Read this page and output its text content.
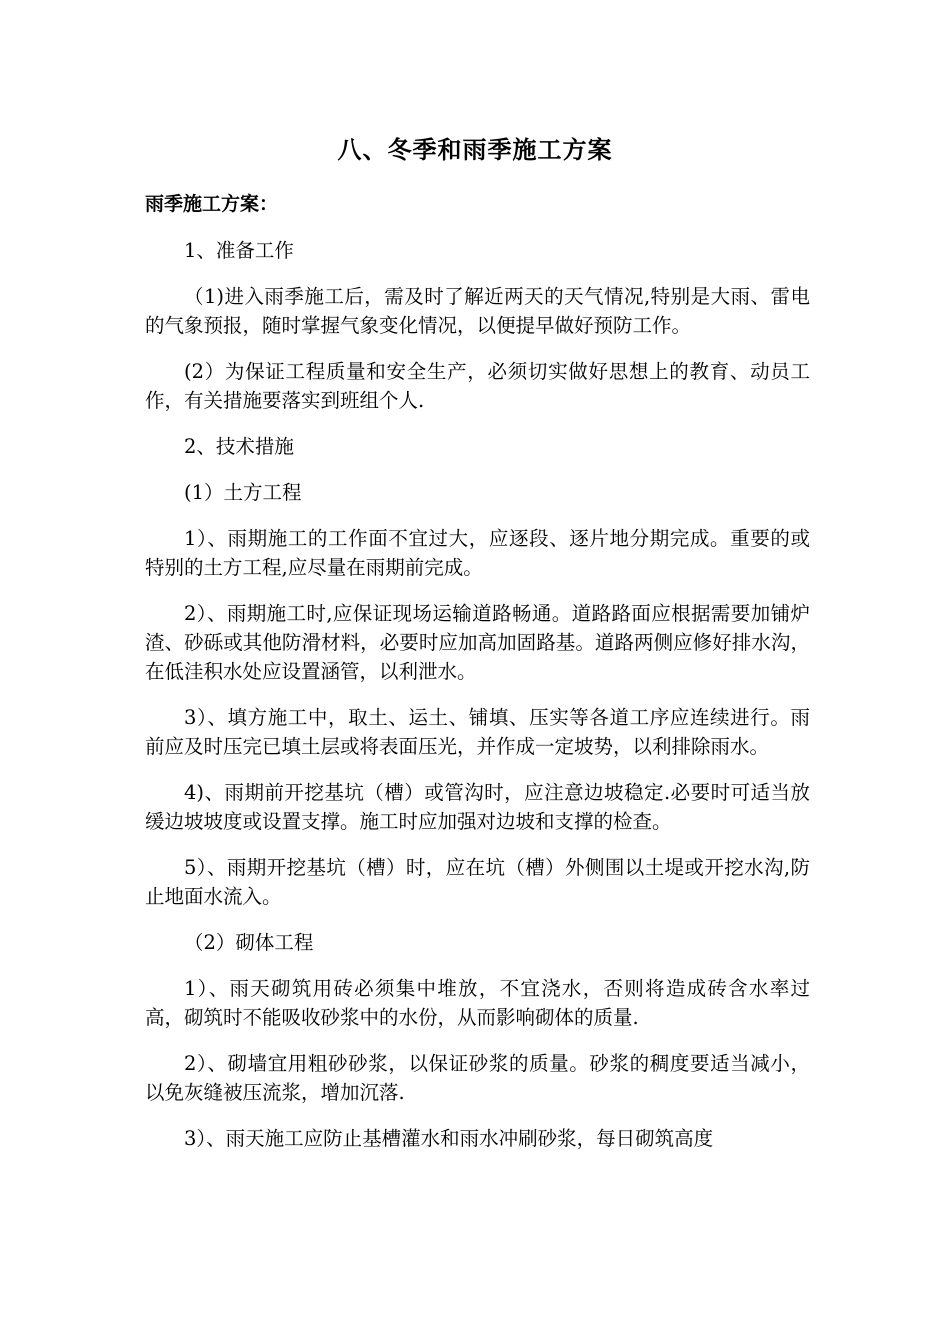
八、冬季和雨季施工方案
雨季施工方案：

1、准备工作

（1)进入雨季施工后，需及时了解近两天的天气情况,特别是大雨、雷电的气象预报，随时掌握气象变化情况，以便提早做好预防工作。

(2）为保证工程质量和安全生产，必须切实做好思想上的教育、动员工作，有关措施要落实到班组个人.

2、技术措施

(1）土方工程

1）、雨期施工的工作面不宜过大，应逐段、逐片地分期完成。重要的或特别的土方工程,应尽量在雨期前完成。

2）、雨期施工时,应保证现场运输道路畅通。道路路面应根据需要加铺炉渣、砂砾或其他防滑材料，必要时应加高加固路基。道路两侧应修好排水沟，在低洼积水处应设置涵管，以利泄水。

3）、填方施工中，取土、运土、铺填、压实等各道工序应连续进行。雨前应及时压完已填土层或将表面压光，并作成一定坡势，以利排除雨水。

4)、雨期前开挖基坑（槽）或管沟时，应注意边坡稳定.必要时可适当放缓边坡坡度或设置支撑。施工时应加强对边坡和支撑的检查。

5）、雨期开挖基坑（槽）时，应在坑（槽）外侧围以土堤或开挖水沟,防止地面水流入。

（2）砌体工程

1）、雨天砌筑用砖必须集中堆放，不宜浇水，否则将造成砖含水率过高，砌筑时不能吸收砂浆中的水份，从而影响砌体的质量.

2）、砌墙宜用粗砂砂浆，以保证砂浆的质量。砂浆的稠度要适当减小，以免灰缝被压流浆，增加沉落.

3）、雨天施工应防止基槽灌水和雨水冲刷砂浆，每日砌筑高度
